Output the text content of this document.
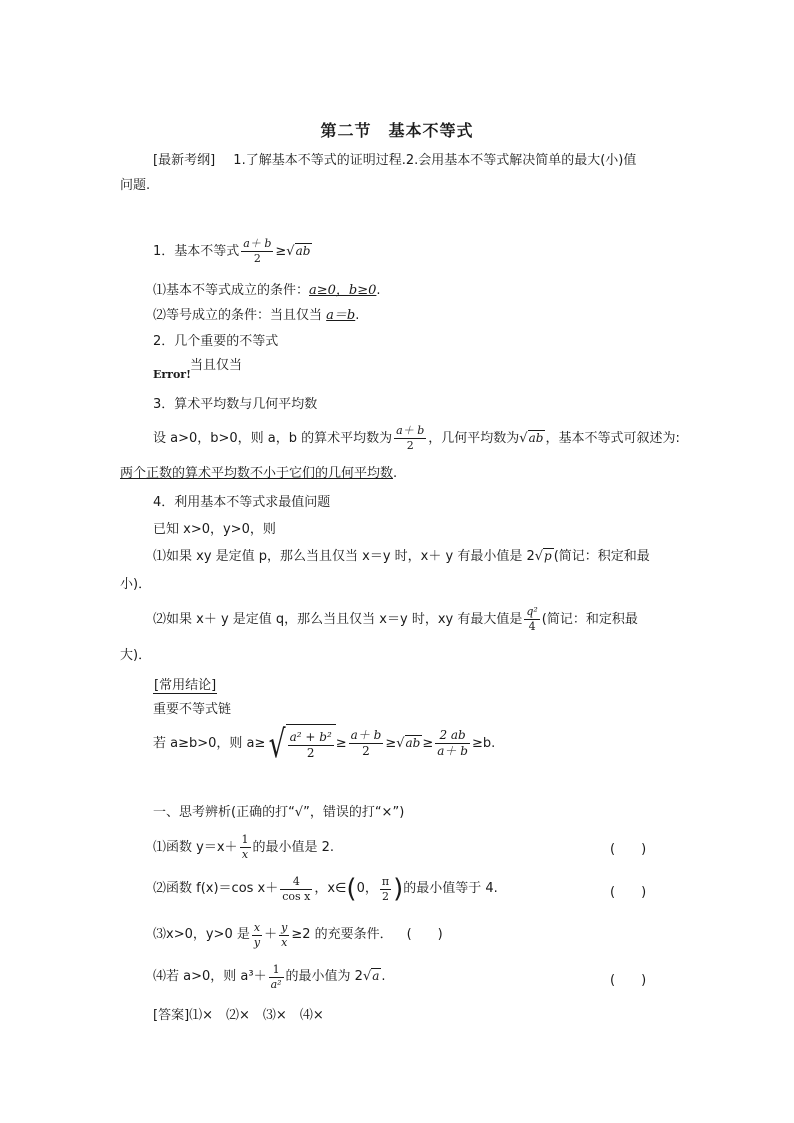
第二节　基本不等式
[最新考纲] 1.了解基本不等式的证明过程.2.会用基本不等式解决简单的最大(小)值
问题.
1．基本不等式 $\frac{a+ b}{2} \ge√ab$
⑴基本不等式成立的条件：a≥0，b≥0.
⑵等号成立的条件：当且仅当 a＝b.
2．几个重要的不等式
Error!
当且仅当
3．算术平均数与几何平均数
设 a>0，b>0，则 a，b 的算术平均数为 $\frac{a+ b}{2}$ ，几何平均数为√ab ，基本不等式可叙述为:
两个正数的算术平均数不小于它们的几何平均数.
4．利用基本不等式求最值问题
已知 x>0，y>0，则
⑴如果 xy 是定值 p，那么当且仅当 x＝y 时，x＋ y 有最小值是 2√p (简记：积定和最
小)．
⑵如果 x＋ y 是定值 q，那么当且仅当 x＝y 时，xy 有最大值是 $\frac{\text{q²}}{4}$ (简记：和定积最
大)．
[常用结论]
重要不等式链
若 a≥b>0，则 a≥ √ $\frac{\text{a² + b²}}{2} \ge \frac{a+ b}{2} \ge √ab \ge \frac{2 ab}{a+ b} \ge b$.
一、思考辨析(正确的打“√”，错误的打“×”)
⑴函数 $y=x+ \frac{1}{x}$ 的最小值是 2.	(　　)
⑵函数 f(x)＝cos $x+ \frac{4}{\text{cos x}}$ ，x∈ ( 0， $\frac{\pi}{2}$ ) 的最小值等于 4.	(　　)
⑶x>0，y>0 是 $\frac{x}{y} + \frac{y}{x} \ge 2$ 的充要条件． (　　)
⑷若 a>0，则 $a^3+ \frac{1}{\text{a²}}$ 的最小值为 2 √a .	(　　)
[答案]⑴×　⑵×　⑶×　⑷×
